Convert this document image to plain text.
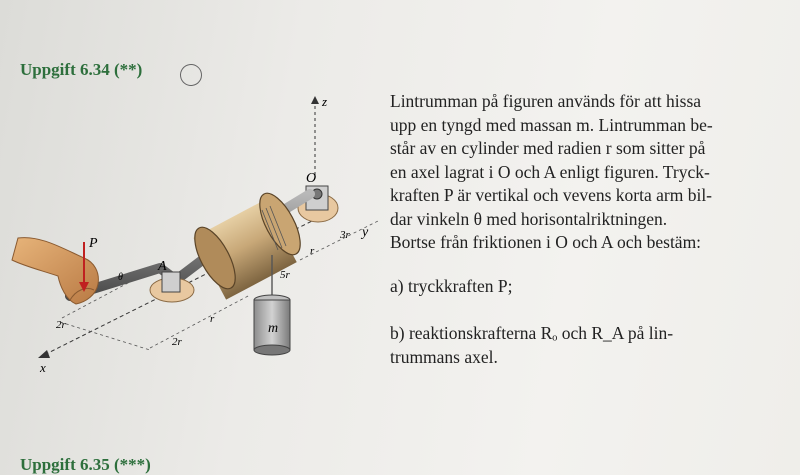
Uppgift 6.34 (**)
z
x
P
O
A
m
θ
2r
2r
r
r
3r
5r
y

Lintrumman på figuren används för att hissa

upp en tyngd med massan m. Lintrumman be-

står av en cylinder med radien r som sitter på

en axel lagrat i O och A enligt figuren. Tryck-

kraften P är vertikal och vevens korta arm bil-

dar vinkeln θ med horisontalriktningen.

Bortse från friktionen i O och A och bestäm:

a) tryckkraften P;

b) reaktionskrafterna Rₒ och R_A på lin-

trummans axel.

Uppgift 6.35 (***)
